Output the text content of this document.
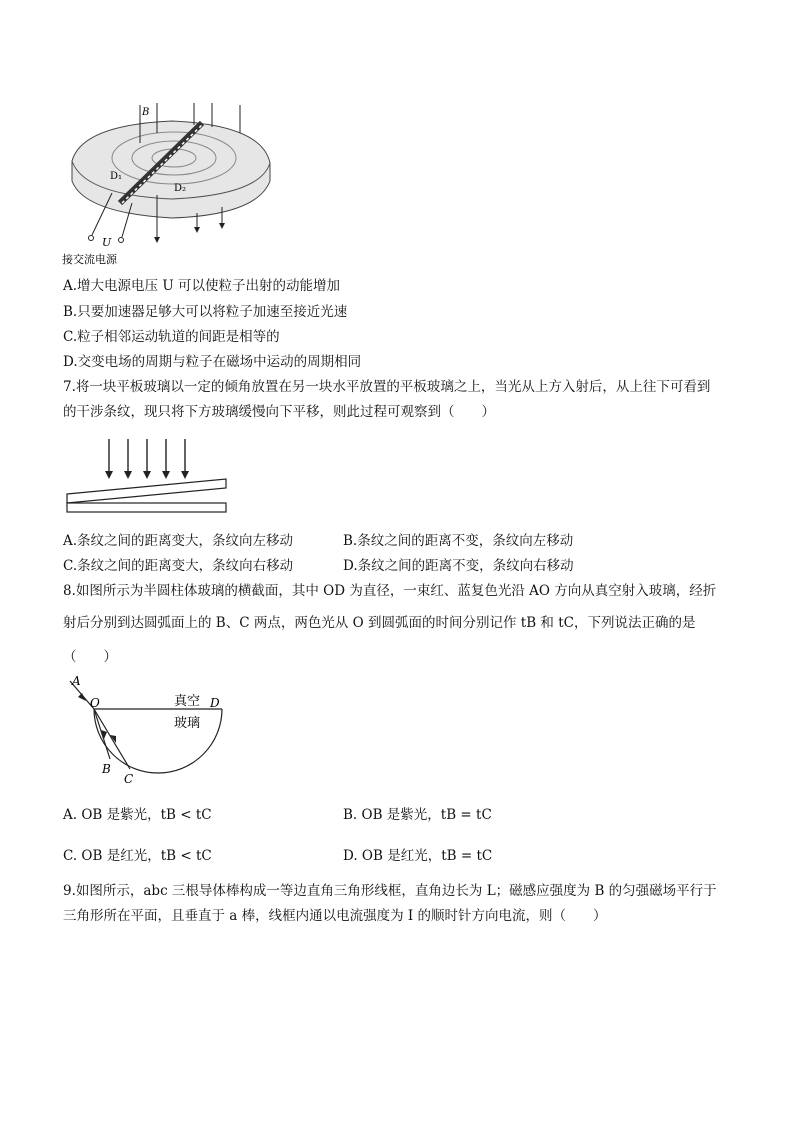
B
D₁
D₂
U
接交流电源
A.增大电源电压 U 可以使粒子出射的动能增加
B.只要加速器足够大可以将粒子加速至接近光速
C.粒子相邻运动轨道的间距是相等的
D.交变电场的周期与粒子在磁场中运动的周期相同
7.将一块平板玻璃以一定的倾角放置在另一块水平放置的平板玻璃之上，当光从上方入射后，从上往下可看到
的干涉条纹，现只将下方玻璃缓慢向下平移，则此过程可观察到（　　）
A.条纹之间的距离变大，条纹向左移动	B.条纹之间的距离不变，条纹向左移动
C.条纹之间的距离变大，条纹向右移动	D.条纹之间的距离不变，条纹向右移动
8.如图所示为半圆柱体玻璃的横截面，其中 OD 为直径，一束红、蓝复色光沿 AO 方向从真空射入玻璃，经折
射后分别到达圆弧面上的 B、C 两点，两色光从 O 到圆弧面的时间分别记作 tB 和 tC，下列说法正确的是
（　　）
A
O	D
B
C
真空
玻璃
A. OB 是紫光，tB < tC	B. OB 是紫光，tB = tC
C. OB 是红光，tB < tC	D. OB 是红光，tB = tC
9.如图所示，abc 三根导体棒构成一等边直角三角形线框，直角边长为 L；磁感应强度为 B 的匀强磁场平行于
三角形所在平面，且垂直于 a 棒，线框内通以电流强度为 I 的顺时针方向电流，则（　　）
